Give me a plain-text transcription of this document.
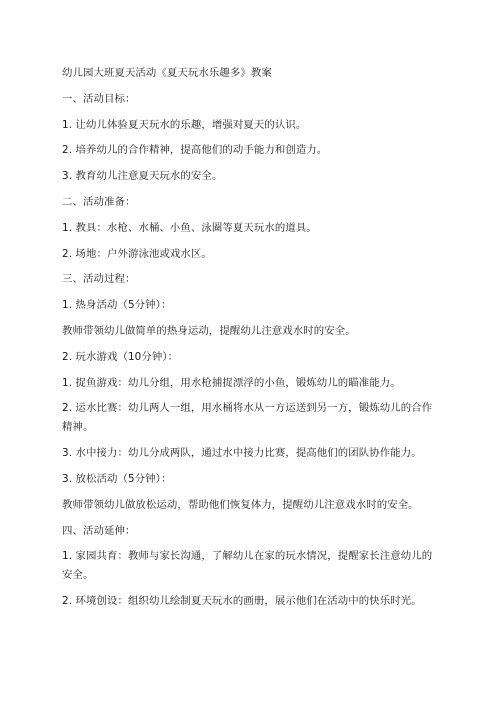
幼儿园大班夏天活动《夏天玩水乐趣多》教案
一、活动目标：
1. 让幼儿体验夏天玩水的乐趣，增强对夏天的认识。
2. 培养幼儿的合作精神，提高他们的动手能力和创造力。
3. 教育幼儿注意夏天玩水的安全。
二、活动准备：
1. 教具：水枪、水桶、小鱼、泳圈等夏天玩水的道具。
2. 场地：户外游泳池或戏水区。
三、活动过程：
1. 热身活动（5分钟）：
教师带领幼儿做简单的热身运动，提醒幼儿注意戏水时的安全。
2. 玩水游戏（10分钟）：
1. 捉鱼游戏：幼儿分组，用水枪捕捉漂浮的小鱼，锻炼幼儿的瞄准能力。
2. 运水比赛：幼儿两人一组，用水桶将水从一方运送到另一方，锻炼幼儿的合作精神。
3. 水中接力：幼儿分成两队，通过水中接力比赛，提高他们的团队协作能力。
3. 放松活动（5分钟）：
教师带领幼儿做放松运动，帮助他们恢复体力，提醒幼儿注意戏水时的安全。
四、活动延伸：
1. 家园共育：教师与家长沟通，了解幼儿在家的玩水情况，提醒家长注意幼儿的安全。
2. 环境创设：组织幼儿绘制夏天玩水的画册，展示他们在活动中的快乐时光。
